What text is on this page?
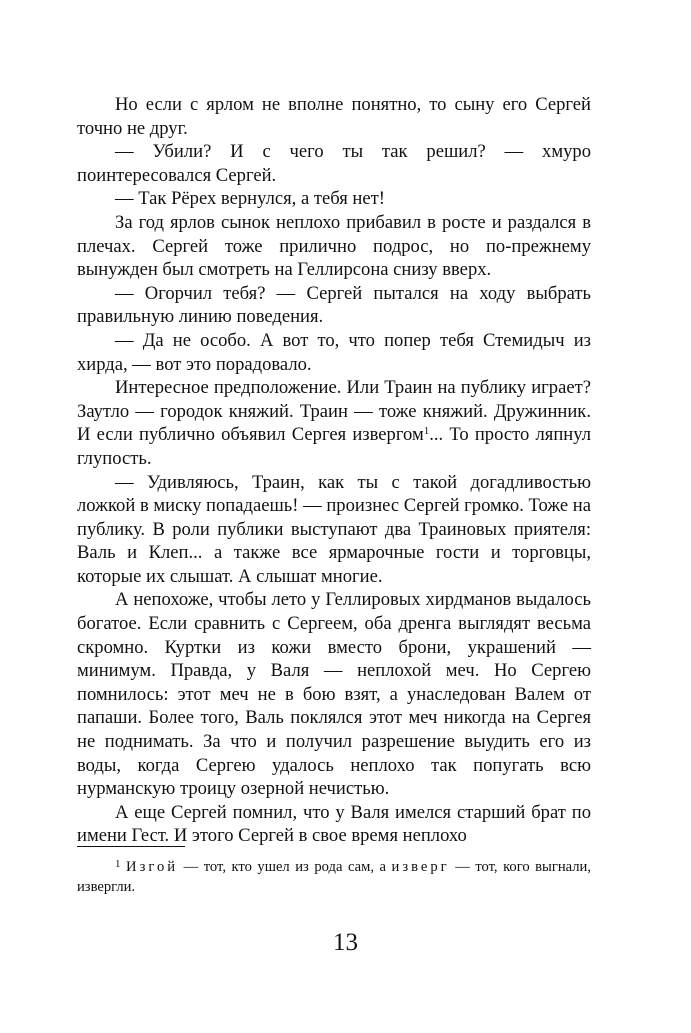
Но если с ярлом не вполне понятно, то сыну его Сергей точно не друг.

— Убили? И с чего ты так решил? — хмуро поинтересовался Сергей.

— Так Рёрех вернулся, а тебя нет!

За год ярлов сынок неплохо прибавил в росте и раздался в плечах. Сергей тоже прилично подрос, но по-прежнему вынужден был смотреть на Геллирсона снизу вверх.

— Огорчил тебя? — Сергей пытался на ходу выбрать правильную линию поведения.

— Да не особо. А вот то, что попер тебя Стемидыч из хирда, — вот это порадовало.

Интересное предположение. Или Траин на публику играет? Заутло — городок княжий. Траин — тоже княжий. Дружинник. И если публично объявил Сергея извергом$^1$... То просто ляпнул глупость.

— Удивляюсь, Траин, как ты с такой догадливостью ложкой в миску попадаешь! — произнес Сергей громко. Тоже на публику. В роли публики выступают два Траиновых приятеля: Валь и Клеп... а также все ярмарочные гости и торговцы, которые их слышат. А слышат многие.

А непохоже, чтобы лето у Геллировых хирдманов выдалось богатое. Если сравнить с Сергеем, оба дренга выглядят весьма скромно. Куртки из кожи вместо брони, украшений — минимум. Правда, у Валя — неплохой меч. Но Сергею помнилось: этот меч не в бою взят, а унаследован Валем от папаши. Более того, Валь поклялся этот меч никогда на Сергея не поднимать. За что и получил разрешение выудить его из воды, когда Сергею удалось неплохо так попугать всю нурманскую троицу озерной нечистью.

А еще Сергей помнил, что у Валя имелся старший брат по имени Гест. И этого Сергей в свое время неплохо

$^1$ Изгой — тот, кто ушел из рода сам, а изверг — тот, кого выгнали, извергли.

13
